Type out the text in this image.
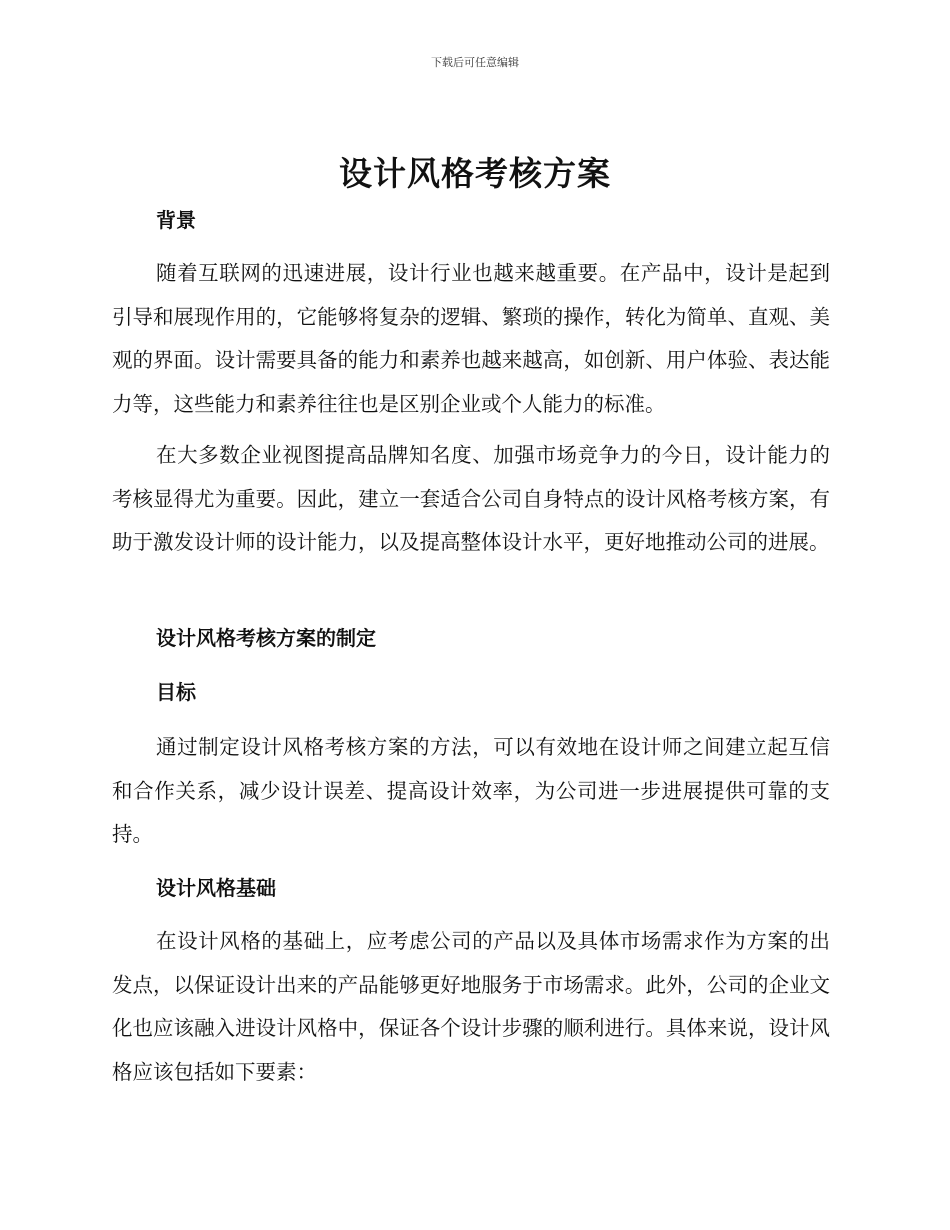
下载后可任意编辑
设计风格考核方案
背景

随着互联网的迅速进展，设计行业也越来越重要。在产品中，设计是起到引导和展现作用的，它能够将复杂的逻辑、繁琐的操作，转化为简单、直观、美观的界面。设计需要具备的能力和素养也越来越高，如创新、用户体验、表达能力等，这些能力和素养往往也是区别企业或个人能力的标准。

在大多数企业视图提高品牌知名度、加强市场竞争力的今日，设计能力的考核显得尤为重要。因此，建立一套适合公司自身特点的设计风格考核方案，有助于激发设计师的设计能力，以及提高整体设计水平，更好地推动公司的进展。

设计风格考核方案的制定
目标

通过制定设计风格考核方案的方法，可以有效地在设计师之间建立起互信和合作关系，减少设计误差、提高设计效率，为公司进一步进展提供可靠的支持。

设计风格基础

在设计风格的基础上，应考虑公司的产品以及具体市场需求作为方案的出发点，以保证设计出来的产品能够更好地服务于市场需求。此外，公司的企业文化也应该融入进设计风格中，保证各个设计步骤的顺利进行。具体来说，设计风格应该包括如下要素：
